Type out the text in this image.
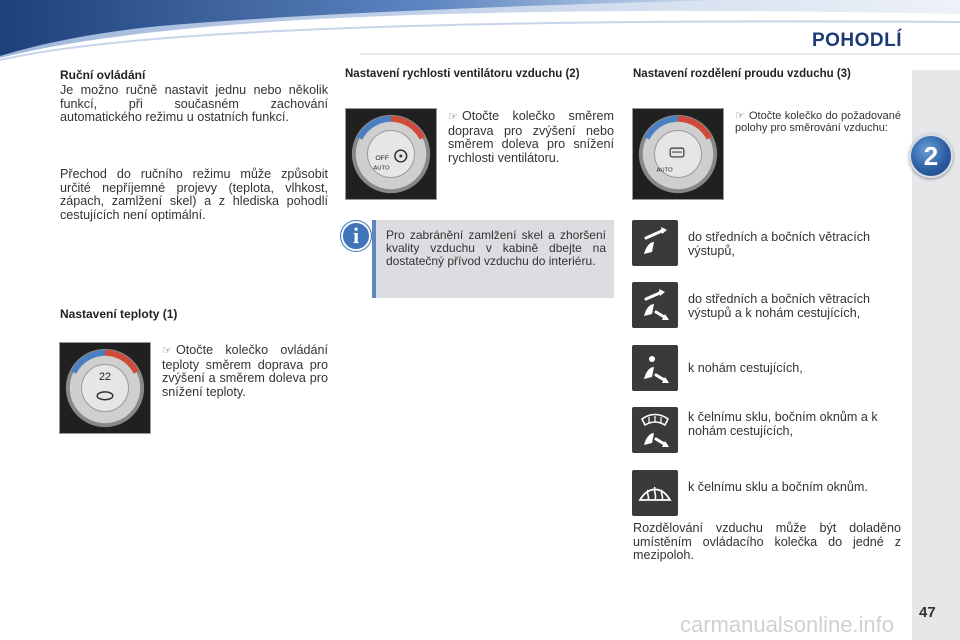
POHODLÍ
2
47
carmanualsonline.info
Ruční ovládání
Je možno ručně nastavit jednu nebo několik funkcí, při současném zachování automatického režimu u ostatních funkcí.
Přechod do ručního režimu může způsobit určité nepříjemné projevy (teplota, vlhkost, zápach, zamlžení skel) a z hlediska pohodlí cestujících není optimální.
Nastavení teploty (1)
22
☞ Otočte kolečko ovládání teploty směrem doprava pro zvýšení a směrem doleva pro snížení teploty.
Nastavení rychlosti ventilátoru vzduchu (2)
OFF
AUTO
☞ Otočte kolečko směrem doprava pro zvýšení nebo směrem doleva pro snížení rychlosti ventilátoru.
i	Pro zabránění zamlžení skel a zhoršení kvality vzduchu v kabině dbejte na dostatečný přívod vzduchu do interiéru.
Nastavení rozdělení proudu vzduchu (3)
AUTO
☞ Otočte kolečko do požadované polohy pro směrování vzduchu:
do středních a bočních větracích výstupů,
do středních a bočních větracích výstupů a k nohám cestujících,
k nohám cestujících,
k čelnímu sklu, bočním oknům a k nohám cestujících,
k čelnímu sklu a bočním oknům.
Rozdělování vzduchu může být doladěno umístěním ovládacího kolečka do jedné z mezipoloh.
